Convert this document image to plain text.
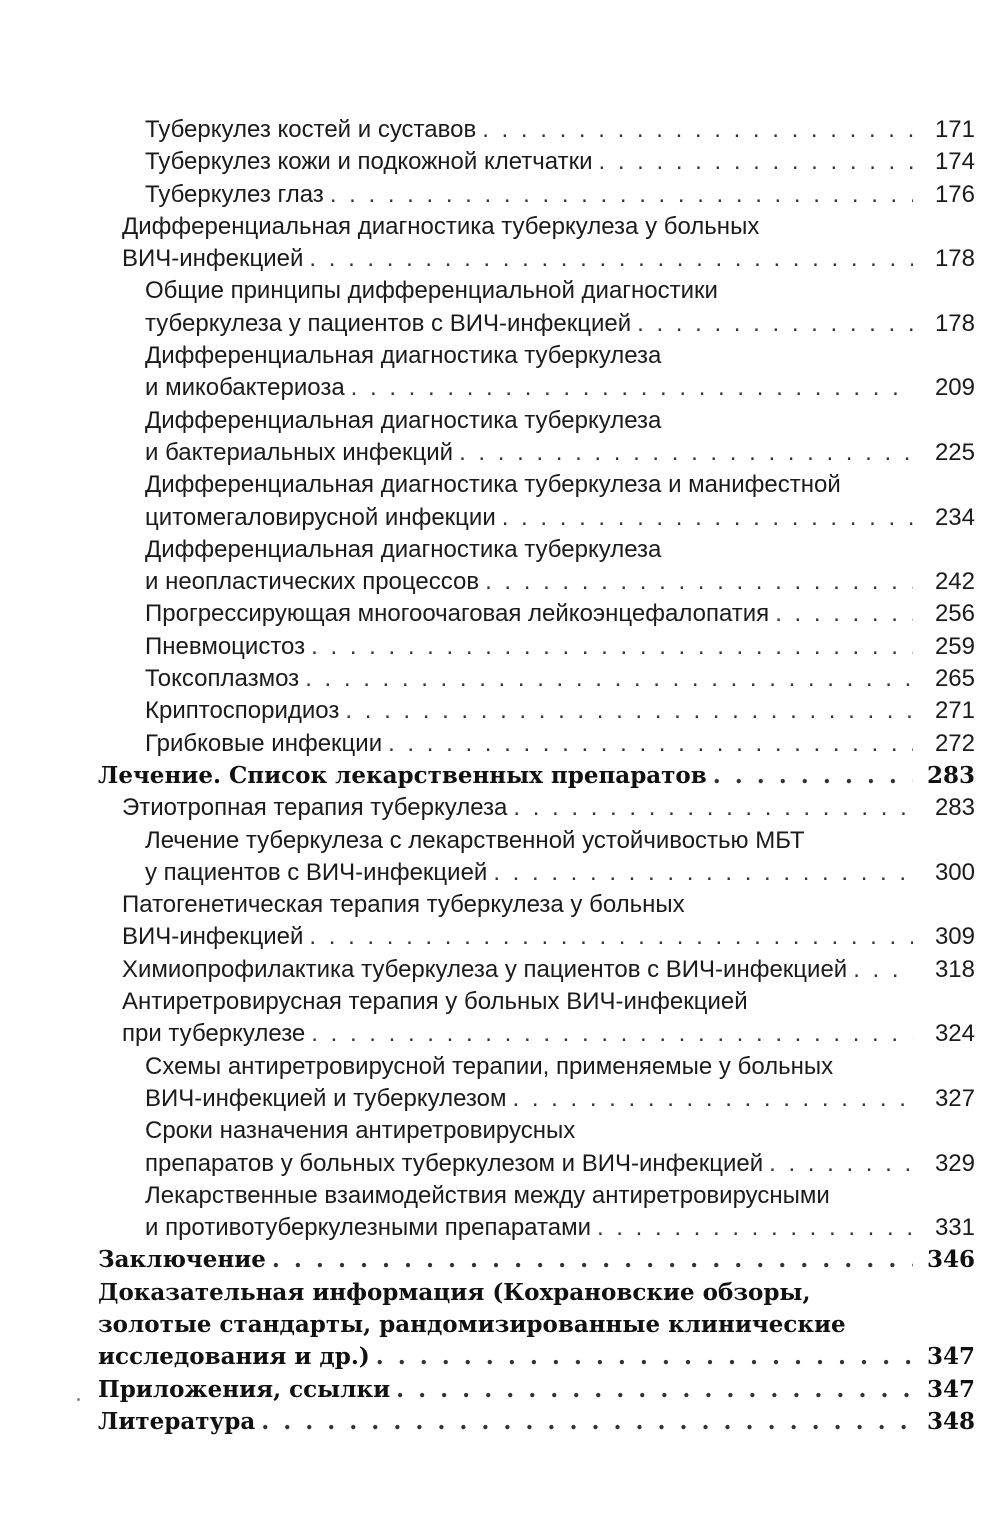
Туберкулез костей и суставов . . .	171
Туберкулез кожи и подкожной клетчатки . . .	174
Туберкулез глаз . . .	176
Дифференциальная диагностика туберкулеза у больных
ВИЧ-инфекцией . . .	178
Общие принципы дифференциальной диагностики
туберкулеза у пациентов с ВИЧ-инфекцией . . .	178
Дифференциальная диагностика туберкулеза
и микобактериоза . . .	209
Дифференциальная диагностика туберкулеза
и бактериальных инфекций . . .	225
Дифференциальная диагностика туберкулеза и манифестной
цитомегаловирусной инфекции . . .	234
Дифференциальная диагностика туберкулеза
и неопластических процессов . . .	242
Прогрессирующая многоочаговая лейкоэнцефалопатия . . .	256
Пневмоцистоз . . .	259
Токсоплазмоз . . .	265
Криптоспоридиоз . . .	271
Грибковые инфекции . . .	272
Лечение. Список лекарственных препаратов . . .	283
Этиотропная терапия туберкулеза . . .	283
Лечение туберкулеза с лекарственной устойчивостью МБТ
у пациентов с ВИЧ-инфекцией . . .	300
Патогенетическая терапия туберкулеза у больных
ВИЧ-инфекцией . . .	309
Химиопрофилактика туберкулеза у пациентов с ВИЧ-инфекцией . . .	318
Антиретровирусная терапия у больных ВИЧ-инфекцией
при туберкулезе . . .	324
Схемы антиретровирусной терапии, применяемые у больных
ВИЧ-инфекцией и туберкулезом . . .	327
Сроки назначения антиретровирусных
препаратов у больных туберкулезом и ВИЧ-инфекцией . . .	329
Лекарственные взаимодействия между антиретровирусными
и противотуберкулезными препаратами . . .	331
Заключение . . .	346
Доказательная информация (Кохрановские обзоры,
золотые стандарты, рандомизированные клинические
исследования и др.) . . .	347
Приложения, ссылки . . .	347
Литература . . .	348
